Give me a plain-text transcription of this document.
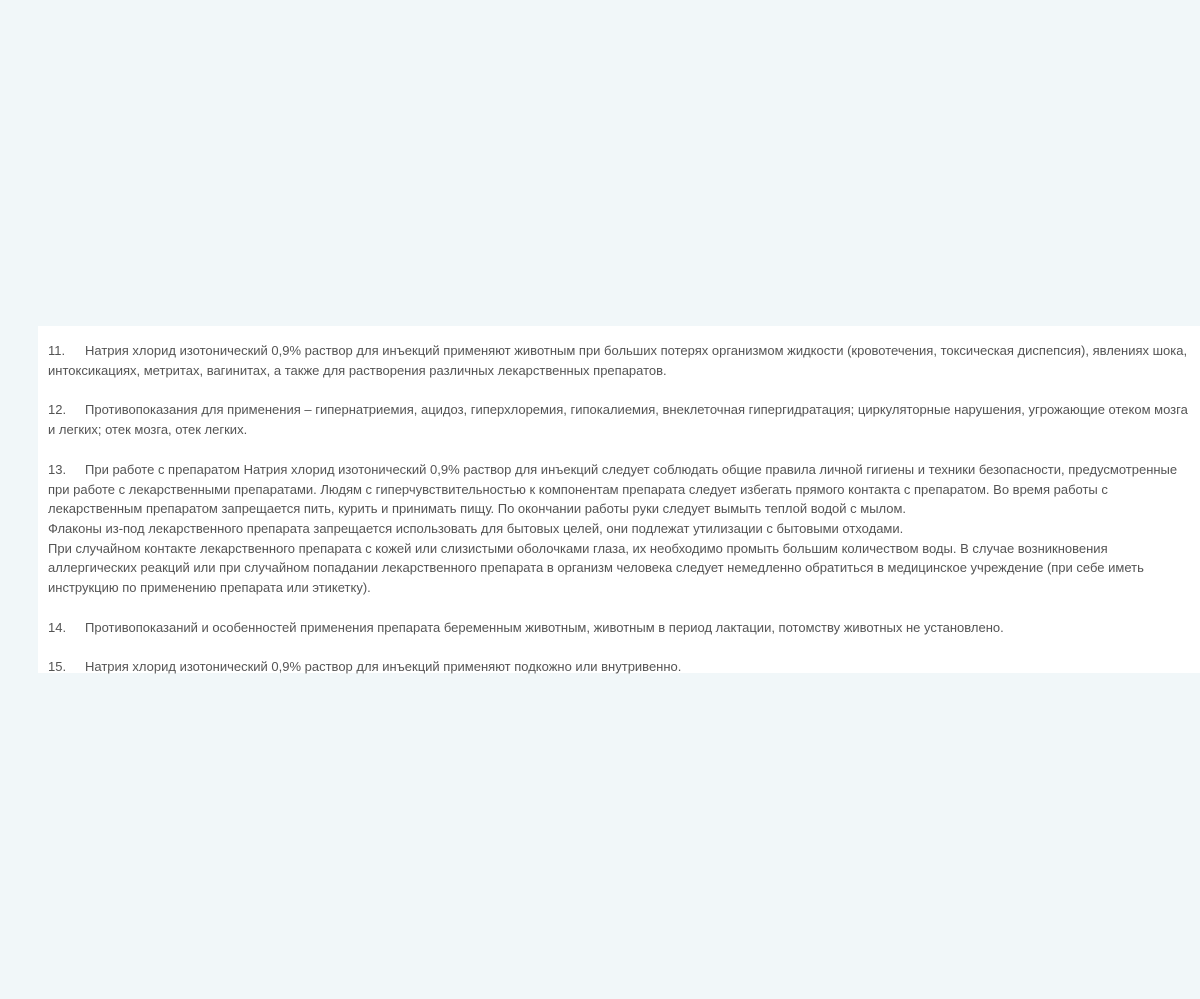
11. Натрия хлорид изотонический 0,9% раствор для инъекций применяют животным при больших потерях организмом жидкости (кровотечения, токсическая диспепсия), явлениях шока, интоксикациях, метритах, вагинитах, а также для растворения различных лекарственных препаратов.
12. Противопоказания для применения – гипернатриемия, ацидоз, гиперхлоремия, гипокалиемия, внеклеточная гипергидратация; циркуляторные нарушения, угрожающие отеком мозга и легких; отек мозга, отек легких.
13. При работе с препаратом Натрия хлорид изотонический 0,9% раствор для инъекций следует соблюдать общие правила личной гигиены и техники безопасности, предусмотренные при работе с лекарственными препаратами. Людям с гиперчувствительностью к компонентам препарата следует избегать прямого контакта с препаратом. Во время работы с лекарственным препаратом запрещается пить, курить и принимать пищу. По окончании работы руки следует вымыть теплой водой с мылом.
Флаконы из-под лекарственного препарата запрещается использовать для бытовых целей, они подлежат утилизации с бытовыми отходами.
При случайном контакте лекарственного препарата с кожей или слизистыми оболочками глаза, их необходимо промыть большим количеством воды. В случае возникновения аллергических реакций или при случайном попадании лекарственного препарата в организм человека следует немедленно обратиться в медицинское учреждение (при себе иметь инструкцию по применению препарата или этикетку).
14. Противопоказаний и особенностей применения препарата беременным животным, животным в период лактации, потомству животных не установлено.
15. Натрия хлорид изотонический 0,9% раствор для инъекций применяют подкожно или внутривенно.
